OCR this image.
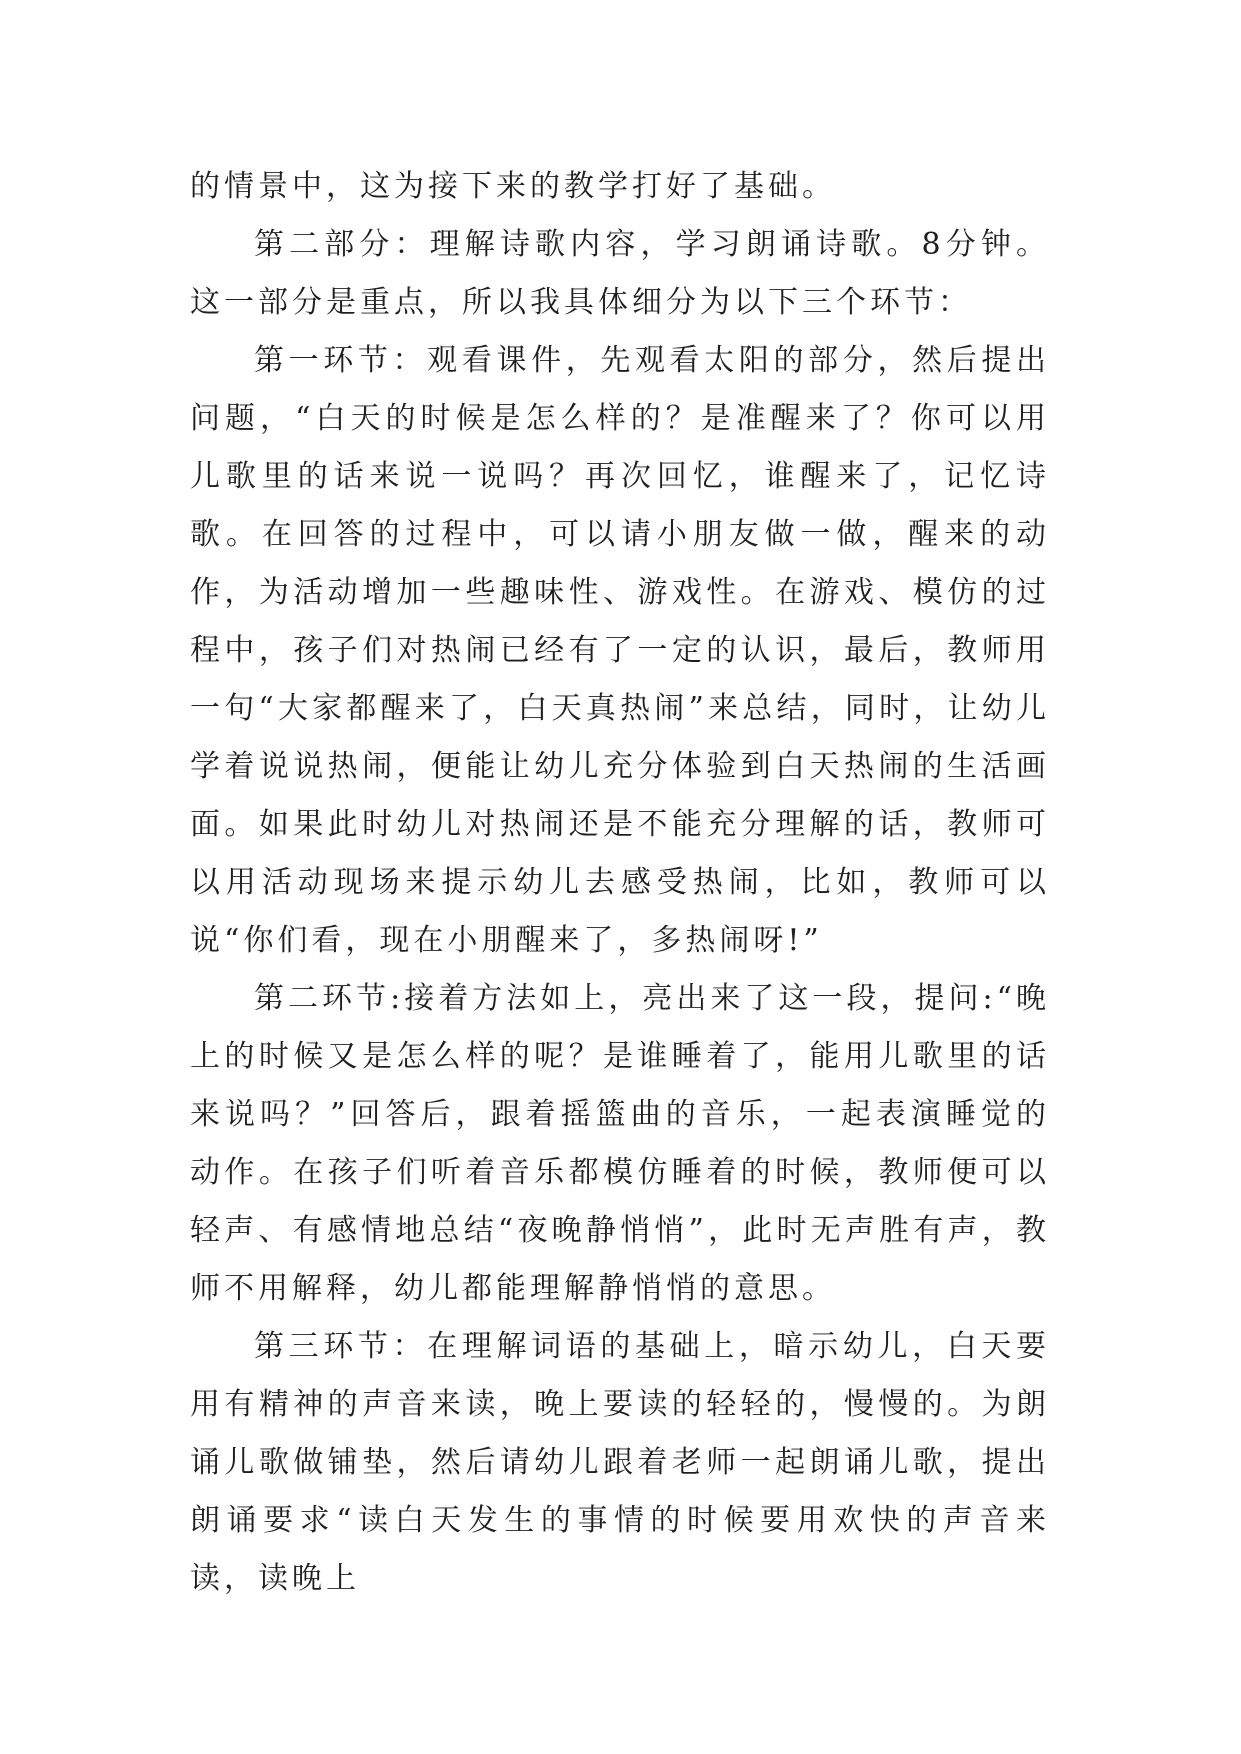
的情景中，这为接下来的教学打好了基础。

第二部分：理解诗歌内容，学习朗诵诗歌。8分钟。这一部分是重点，所以我具体细分为以下三个环节：

第一环节：观看课件，先观看太阳的部分，然后提出问题，“白天的时候是怎么样的？是准醒来了？你可以用儿歌里的话来说一说吗？再次回忆，谁醒来了，记忆诗歌。在回答的过程中，可以请小朋友做一做，醒来的动作，为活动增加一些趣味性、游戏性。在游戏、模仿的过程中，孩子们对热闹已经有了一定的认识，最后，教师用一句“大家都醒来了，白天真热闹”来总结，同时，让幼儿学着说说热闹，便能让幼儿充分体验到白天热闹的生活画面。如果此时幼儿对热闹还是不能充分理解的话，教师可以用活动现场来提示幼儿去感受热闹，比如，教师可以说“你们看，现在小朋醒来了，多热闹呀!”

第二环节:接着方法如上，亮出来了这一段，提问:“晚上的时候又是怎么样的呢？是谁睡着了，能用儿歌里的话来说吗？”回答后，跟着摇篮曲的音乐，一起表演睡觉的动作。在孩子们听着音乐都模仿睡着的时候，教师便可以轻声、有感情地总结“夜晚静悄悄”，此时无声胜有声，教师不用解释，幼儿都能理解静悄悄的意思。

第三环节：在理解词语的基础上，暗示幼儿，白天要用有精神的声音来读，晚上要读的轻轻的，慢慢的。为朗诵儿歌做铺垫，然后请幼儿跟着老师一起朗诵儿歌，提出朗诵要求“读白天发生的事情的时候要用欢快的声音来读，读晚上
